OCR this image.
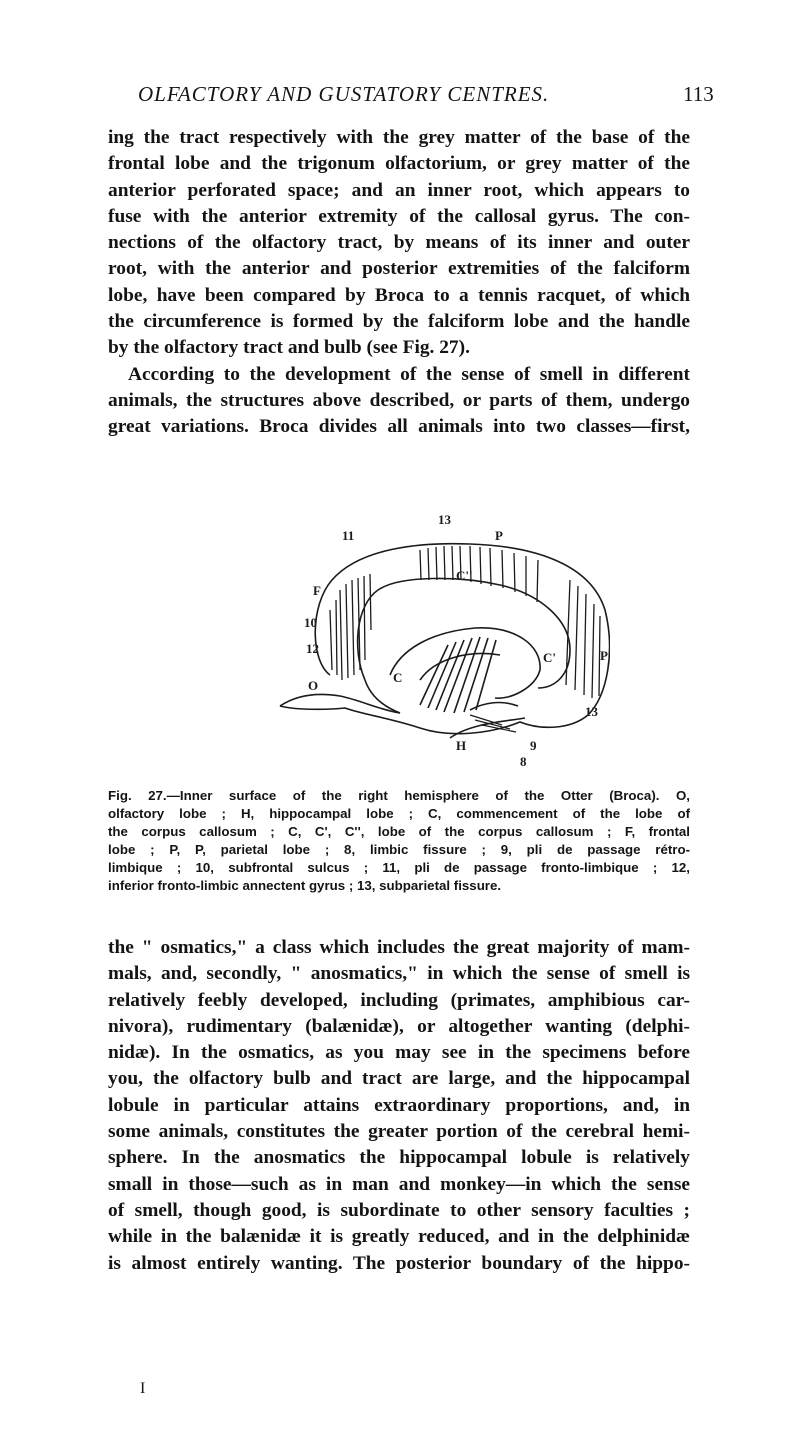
OLFACTORY AND GUSTATORY CENTRES.	113
ing the tract respectively with the grey matter of the base of the
frontal lobe and the trigonum olfactorium, or grey matter of the
anterior perforated space; and an inner root, which appears to
fuse with the anterior extremity of the callosal gyrus. The con-
nections of the olfactory tract, by means of its inner and outer
root, with the anterior and posterior extremities of the falciform
lobe, have been compared by Broca to a tennis racquet, of which
the circumference is formed by the falciform lobe and the handle
by the olfactory tract and bulb (see Fig. 27).
According to the development of the sense of smell in different
animals, the structures above described, or parts of them, undergo
great variations. Broca divides all animals into two classes—first,
13
11	P
F
10
12
O
C''
C
C'	P
13
H	9
8
Fig. 27.—Inner surface of the right hemisphere of the Otter (Broca). O,
olfactory lobe ; H, hippocampal lobe ; C, commencement of the lobe of
the corpus callosum ; C, C', C'', lobe of the corpus callosum ; F, frontal
lobe ; P, P, parietal lobe ; 8, limbic fissure ; 9, pli de passage rétro-
limbique ; 10, subfrontal sulcus ; 11, pli de passage fronto-limbique ; 12,
inferior fronto-limbic annectent gyrus ; 13, subparietal fissure.
the " osmatics," a class which includes the great majority of mam-
mals, and, secondly, " anosmatics," in which the sense of smell is
relatively feebly developed, including (primates, amphibious car-
nivora), rudimentary (balænidæ), or altogether wanting (delphi-
nidæ). In the osmatics, as you may see in the specimens before
you, the olfactory bulb and tract are large, and the hippocampal
lobule in particular attains extraordinary proportions, and, in
some animals, constitutes the greater portion of the cerebral hemi-
sphere. In the anosmatics the hippocampal lobule is relatively
small in those—such as in man and monkey—in which the sense
of smell, though good, is subordinate to other sensory faculties ;
while in the balænidæ it is greatly reduced, and in the delphinidæ
is almost entirely wanting. The posterior boundary of the hippo-
I
